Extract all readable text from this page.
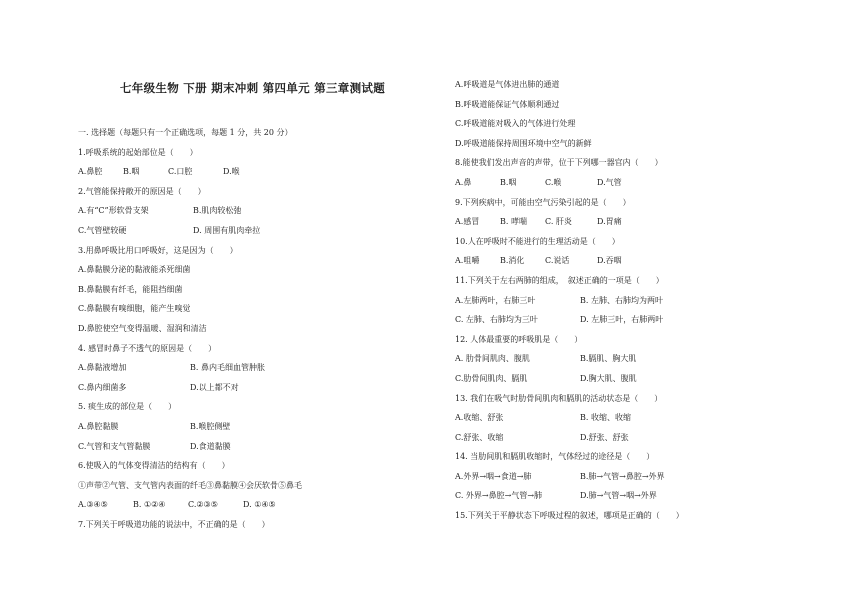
七年级生物 下册 期末冲刺 第四单元 第三章测试题
一. 选择题（每题只有一个正确选项，每题 1 分，共 20 分）
1.呼吸系统的起始部位是（　　）
A.鼻腔	B.咽	C.口腔	D.喉
2.气管能保持敞开的原因是（　　）
A.有“C”形软骨支架	B.肌肉较松弛
C.气管壁较硬	D. 周围有肌肉牵拉
3.用鼻呼吸比用口呼吸好，这是因为（　　）
A.鼻黏膜分泌的黏液能杀死细菌
B.鼻黏膜有纤毛，能阻挡细菌
C.鼻黏膜有嗅细胞，能产生嗅觉
D.鼻腔使空气变得温暖、湿润和清洁
4. 感冒时鼻子不透气的原因是（　　）
A.鼻黏液增加	B. 鼻内毛细血管肿胀
C.鼻内细菌多	D.以上都不对
5. 痰生成的部位是（　　）
A.鼻腔黏膜	B.喉腔侧壁
C.气管和支气管黏膜	D.食道黏膜
6.使吸入的气体变得清洁的结构有（　　）
①声带②气管、支气管内表面的纤毛③鼻黏膜④会厌软骨⑤鼻毛
A.③④⑤	B. ①②④	C.②③⑤	D. ①④⑤
7.下列关于呼吸道功能的说法中，不正确的是（　　）
A.呼吸道是气体进出肺的通道
B.呼吸道能保证气体顺利通过
C.呼吸道能对吸入的气体进行处理
D.呼吸道能保持周围环境中空气的新鲜
8.能使我们发出声音的声带，位于下列哪一器官内（　　）
A.鼻	B.咽	C.喉	D.气管
9.下列疾病中，可能由空气污染引起的是（　　）
A.感冒	B. 哮喘	C. 肝炎	D.胃痛
10.人在呼吸时不能进行的生理活动是（　　）
A.咀嚼	B.消化	C.说话	D.吞咽
11.下列关于左右两肺的组成，　叙述正确的一项是（　　）
A.左肺两叶，右肺三叶	B. 左肺、右肺均为两叶
C. 左肺、右肺均为三叶	D. 左肺三叶，右肺两叶
12. 人体最重要的呼吸肌是（　　）
A. 肋骨间肌肉、腹肌	B.膈肌、胸大肌
C.肋骨间肌肉、膈肌	D.胸大肌、腹肌
13. 我们在吸气时肋骨间肌肉和膈肌的活动状态是（　　）
A.收缩、舒张	B. 收缩、收缩
C.舒张、收缩	D.舒张、舒张
14. 当肋间肌和膈肌收缩时，气体经过的途径是（　　）
A.外界→咽→食道→肺	B.肺→气管→鼻腔→外界
C. 外界→鼻腔→气管→肺	D.肺→气管→咽→外界
15.下列关于平静状态下呼吸过程的叙述，哪项是正确的（　　）
